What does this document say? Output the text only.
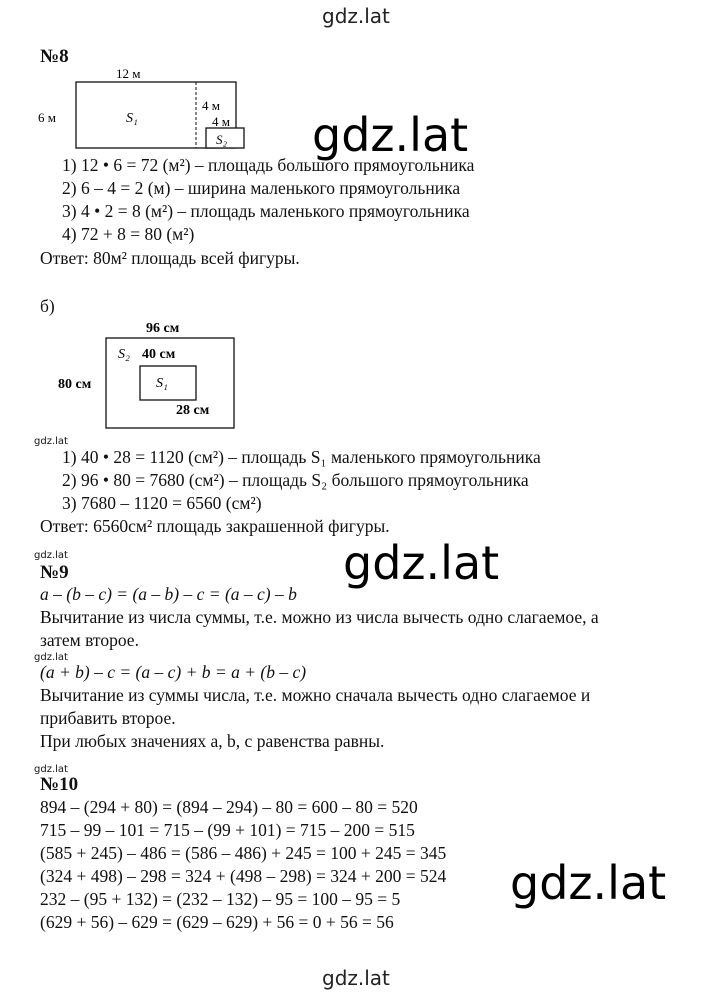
gdz.lat
gdz.lat
gdz.lat
gdz.lat
gdz.lat
№8
12 м
6 м
4 м
4 м
S₁
S₂
1) 12 • 6 = 72 (м²) – площадь большого прямоугольника
2) 6 – 4 = 2 (м) – ширина маленького прямоугольника
3) 4 • 2 = 8 (м²) – площадь маленького прямоугольника
4) 72 + 8 = 80 (м²)
Ответ: 80м² площадь всей фигуры.
б)
96 см
80 см
S₂ 40 см
S₁
28 см
gdz.lat
1) 40 • 28 = 1120 (см²) – площадь S₁ маленького прямоугольника
2) 96 • 80 = 7680 (см²) – площадь S₂ большого прямоугольника
3) 7680 – 1120 = 6560 (см²)
Ответ: 6560см² площадь закрашенной фигуры.
gdz.lat
№9
a – (b – c) = (a – b) – c = (a – c) – b
Вычитание из числа суммы, т.е. можно из числа вычесть одно слагаемое, а
затем второе.
gdz.lat
(a + b) – c = (a – c) + b = a + (b – c)
Вычитание из суммы числа, т.е. можно сначала вычесть одно слагаемое и
прибавить второе.
При любых значениях a, b, c равенства равны.
gdz.lat
№10
894 – (294 + 80) = (894 – 294) – 80 = 600 – 80 = 520
715 – 99 – 101 = 715 – (99 + 101) = 715 – 200 = 515
(585 + 245) – 486 = (586 – 486) + 245 = 100 + 245 = 345
(324 + 498) – 298 = 324 + (498 – 298) = 324 + 200 = 524
232 – (95 + 132) = (232 – 132) – 95 = 100 – 95 = 5
(629 + 56) – 629 = (629 – 629) + 56 = 0 + 56 = 56
